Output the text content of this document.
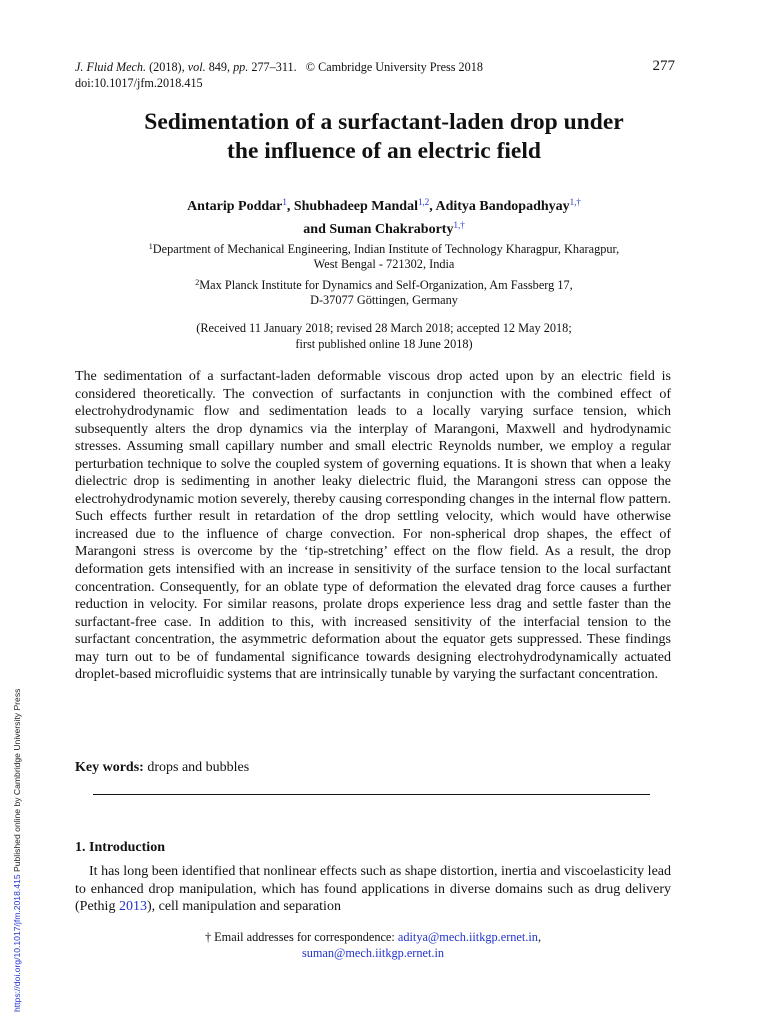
J. Fluid Mech. (2018), vol. 849, pp. 277–311. © Cambridge University Press 2018
doi:10.1017/jfm.2018.415
277
Sedimentation of a surfactant-laden drop under
the influence of an electric field
Antarip Poddar$^1$, Shubhadeep Mandal$^{1,2}$, Aditya Bandopadhyay$^{1,\dagger}$
and Suman Chakraborty$^{1,\dagger}$
$^1$Department of Mechanical Engineering, Indian Institute of Technology Kharagpur, Kharagpur,
West Bengal - 721302, India
$^2$Max Planck Institute for Dynamics and Self-Organization, Am Fassberg 17,
D-37077 Göttingen, Germany
(Received 11 January 2018; revised 28 March 2018; accepted 12 May 2018;
first published online 18 June 2018)
The sedimentation of a surfactant-laden deformable viscous drop acted upon by an electric field is considered theoretically. The convection of surfactants in conjunction with the combined effect of electrohydrodynamic flow and sedimentation leads to a locally varying surface tension, which subsequently alters the drop dynamics via the interplay of Marangoni, Maxwell and hydrodynamic stresses. Assuming small capillary number and small electric Reynolds number, we employ a regular perturbation technique to solve the coupled system of governing equations. It is shown that when a leaky dielectric drop is sedimenting in another leaky dielectric fluid, the Marangoni stress can oppose the electrohydrodynamic motion severely, thereby causing corresponding changes in the internal flow pattern. Such effects further result in retardation of the drop settling velocity, which would have otherwise increased due to the influence of charge convection. For non-spherical drop shapes, the effect of Marangoni stress is overcome by the ‘tip-stretching’ effect on the flow field. As a result, the drop deformation gets intensified with an increase in sensitivity of the surface tension to the local surfactant concentration. Consequently, for an oblate type of deformation the elevated drag force causes a further reduction in velocity. For similar reasons, prolate drops experience less drag and settle faster than the surfactant-free case. In addition to this, with increased sensitivity of the interfacial tension to the surfactant concentration, the asymmetric deformation about the equator gets suppressed. These findings may turn out to be of fundamental significance towards designing electrohydrodynamically actuated droplet-based microfluidic systems that are intrinsically tunable by varying the surfactant concentration.
Key words: drops and bubbles
1. Introduction
It has long been identified that nonlinear effects such as shape distortion, inertia and viscoelasticity lead to enhanced drop manipulation, which has found applications in diverse domains such as drug delivery (Pethig 2013), cell manipulation and separation
† Email addresses for correspondence: aditya@mech.iitkgp.ernet.in,
suman@mech.iitkgp.ernet.in
https://doi.org/10.1017/jfm.2018.415 Published online by Cambridge University Press
